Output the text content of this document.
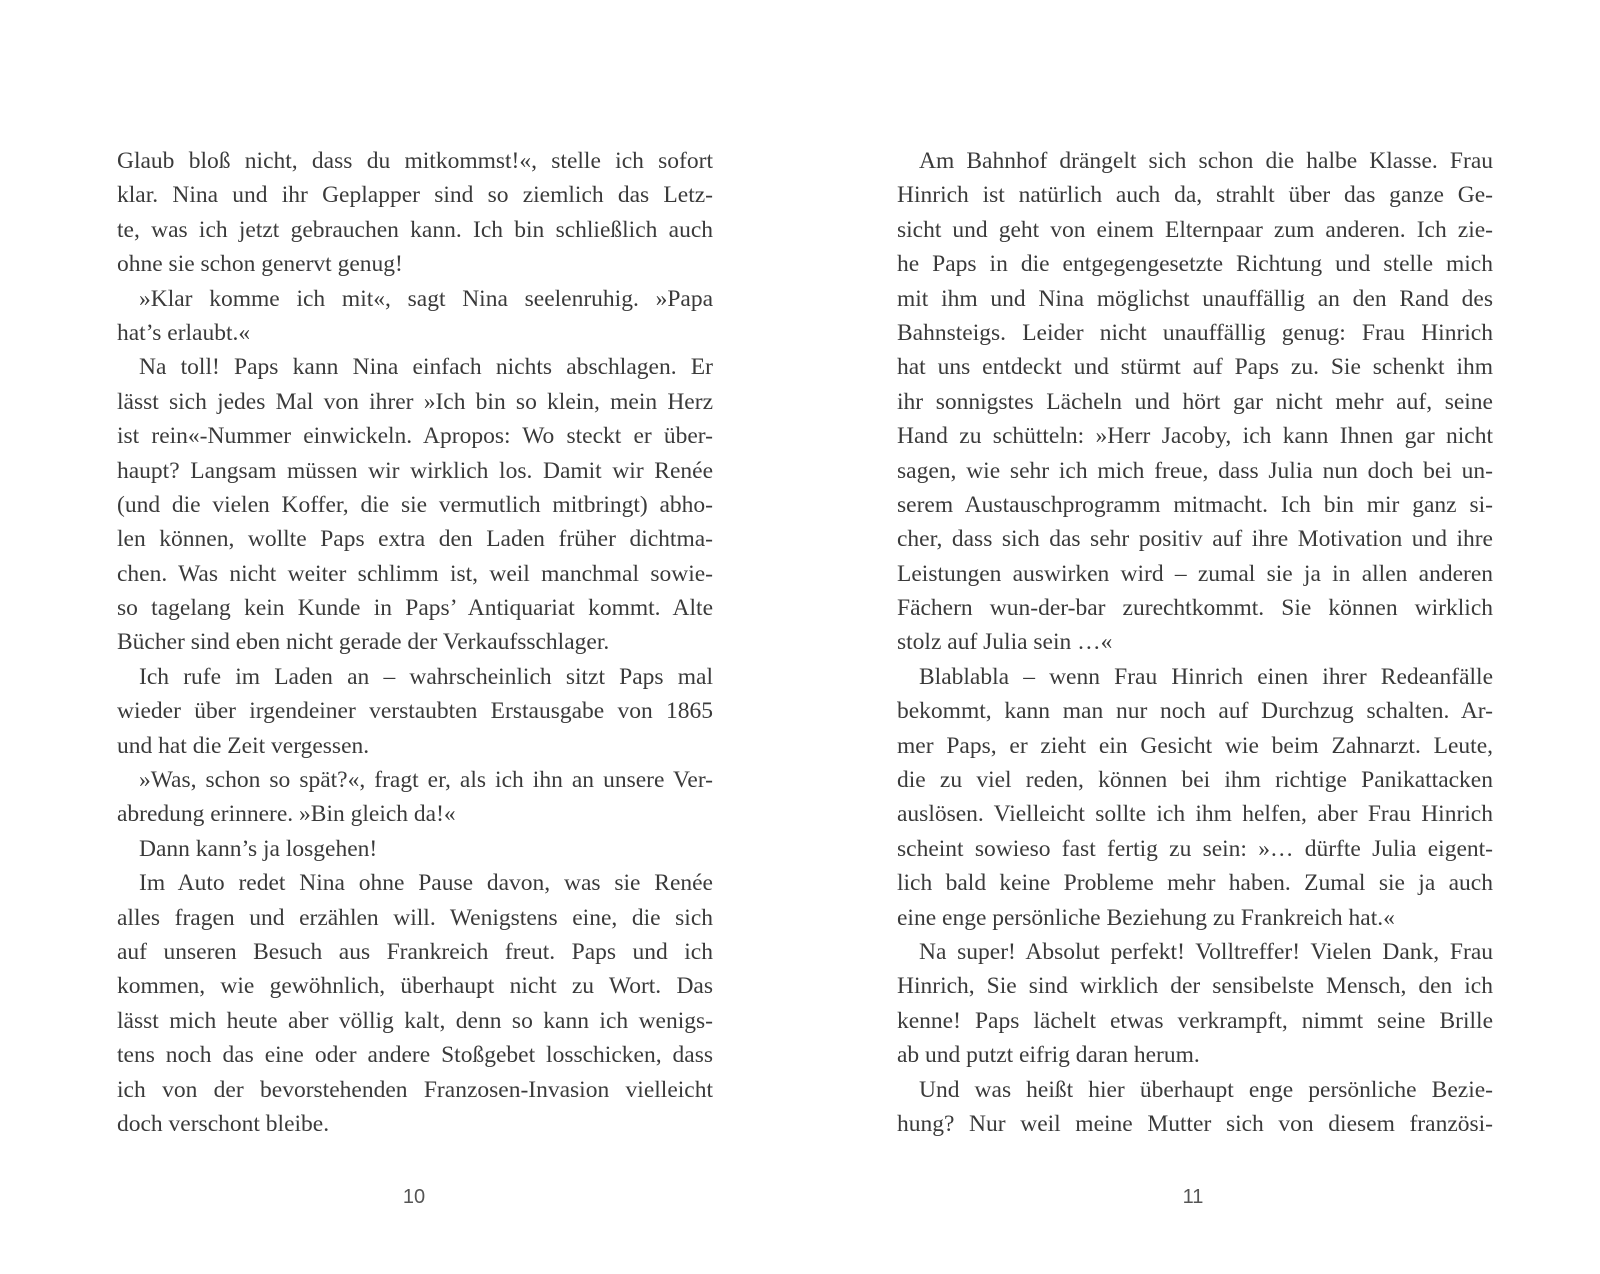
Glaub bloß nicht, dass du mitkommst!«, stelle ich sofort
klar. Nina und ihr Geplapper sind so ziemlich das Letz-
te, was ich jetzt gebrauchen kann. Ich bin schließlich auch
ohne sie schon genervt genug!
»Klar komme ich mit«, sagt Nina seelenruhig. »Papa
hat’s erlaubt.«
Na toll! Paps kann Nina einfach nichts abschlagen. Er
lässt sich jedes Mal von ihrer »Ich bin so klein, mein Herz
ist rein«-Nummer einwickeln. Apropos: Wo steckt er über-
haupt? Langsam müssen wir wirklich los. Damit wir Renée
(und die vielen Koffer, die sie vermutlich mitbringt) abho-
len können, wollte Paps extra den Laden früher dichtma-
chen. Was nicht weiter schlimm ist, weil manchmal sowie-
so tagelang kein Kunde in Paps’ Antiquariat kommt. Alte
Bücher sind eben nicht gerade der Verkaufsschlager.
Ich rufe im Laden an – wahrscheinlich sitzt Paps mal
wieder über irgendeiner verstaubten Erstausgabe von 1865
und hat die Zeit vergessen.
»Was, schon so spät?«, fragt er, als ich ihn an unsere Ver-
abredung erinnere. »Bin gleich da!«
Dann kann’s ja losgehen!
Im Auto redet Nina ohne Pause davon, was sie Renée
alles fragen und erzählen will. Wenigstens eine, die sich
auf unseren Besuch aus Frankreich freut. Paps und ich
kommen, wie gewöhnlich, überhaupt nicht zu Wort. Das
lässt mich heute aber völlig kalt, denn so kann ich wenigs-
tens noch das eine oder andere Stoßgebet losschicken, dass
ich von der bevorstehenden Franzosen-Invasion vielleicht
doch verschont bleibe.
Am Bahnhof drängelt sich schon die halbe Klasse. Frau
Hinrich ist natürlich auch da, strahlt über das ganze Ge-
sicht und geht von einem Elternpaar zum anderen. Ich zie-
he Paps in die entgegengesetzte Richtung und stelle mich
mit ihm und Nina möglichst unauffällig an den Rand des
Bahnsteigs. Leider nicht unauffällig genug: Frau Hinrich
hat uns entdeckt und stürmt auf Paps zu. Sie schenkt ihm
ihr sonnigstes Lächeln und hört gar nicht mehr auf, seine
Hand zu schütteln: »Herr Jacoby, ich kann Ihnen gar nicht
sagen, wie sehr ich mich freue, dass Julia nun doch bei un-
serem Austauschprogramm mitmacht. Ich bin mir ganz si-
cher, dass sich das sehr positiv auf ihre Motivation und ihre
Leistungen auswirken wird – zumal sie ja in allen anderen
Fächern wun-der-bar zurechtkommt. Sie können wirklich
stolz auf Julia sein …«
Blablabla – wenn Frau Hinrich einen ihrer Redeanfälle
bekommt, kann man nur noch auf Durchzug schalten. Ar-
mer Paps, er zieht ein Gesicht wie beim Zahnarzt. Leute,
die zu viel reden, können bei ihm richtige Panikattacken
auslösen. Vielleicht sollte ich ihm helfen, aber Frau Hinrich
scheint sowieso fast fertig zu sein: »… dürfte Julia eigent-
lich bald keine Probleme mehr haben. Zumal sie ja auch
eine enge persönliche Beziehung zu Frankreich hat.«
Na super! Absolut perfekt! Volltreffer! Vielen Dank, Frau
Hinrich, Sie sind wirklich der sensibelste Mensch, den ich
kenne! Paps lächelt etwas verkrampft, nimmt seine Brille
ab und putzt eifrig daran herum.
Und was heißt hier überhaupt enge persönliche Bezie-
hung? Nur weil meine Mutter sich von diesem französi-
10	11
